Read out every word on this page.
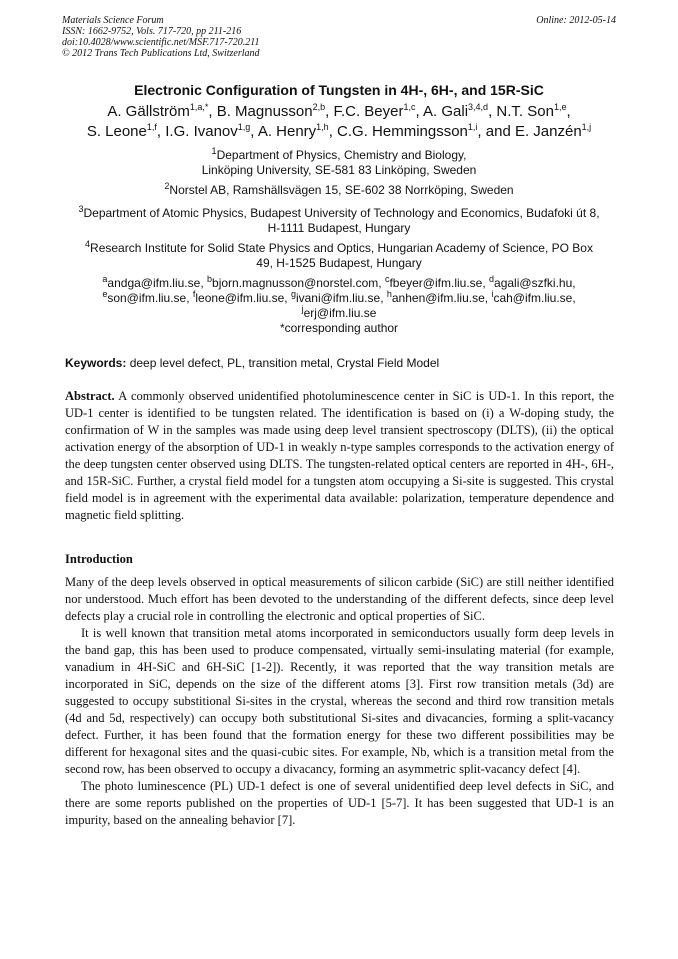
Materials Science Forum
ISSN: 1662-9752, Vols. 717-720, pp 211-216
doi:10.4028/www.scientific.net/MSF.717-720.211
© 2012 Trans Tech Publications Ltd, Switzerland
Online: 2012-05-14
Electronic Configuration of Tungsten in 4H-, 6H-, and 15R-SiC
A. Gällström$^{1,a,*}$, B. Magnusson$^{2,b}$, F.C. Beyer$^{1,c}$, A. Gali$^{3,4,d}$, N.T. Son$^{1,e}$,
S. Leone$^{1,f}$, I.G. Ivanov$^{1,g}$, A. Henry$^{1,h}$, C.G. Hemmingsson$^{1,i}$, and E. Janzén$^{1,j}$
$^1$Department of Physics, Chemistry and Biology,
Linköping University, SE-581 83 Linköping, Sweden
$^2$Norstel AB, Ramshällsvägen 15, SE-602 38 Norrköping, Sweden
$^3$Department of Atomic Physics, Budapest University of Technology and Economics, Budafoki út 8,
H-1111 Budapest, Hungary
$^4$Research Institute for Solid State Physics and Optics, Hungarian Academy of Science, PO Box
49, H-1525 Budapest, Hungary
$^a$andga@ifm.liu.se, $^b$bjorn.magnusson@norstel.com, $^c$fbeyer@ifm.liu.se, $^d$agali@szfki.hu,
$^e$son@ifm.liu.se, $^f$leone@ifm.liu.se, $^g$ivani@ifm.liu.se, $^h$anhen@ifm.liu.se, $^i$cah@ifm.liu.se,
$^j$erj@ifm.liu.se
*corresponding author
Keywords: deep level defect, PL, transition metal, Crystal Field Model

Abstract. A commonly observed unidentified photoluminescence center in SiC is UD-1. In this report, the UD-1 center is identified to be tungsten related. The identification is based on (i) a W-doping study, the confirmation of W in the samples was made using deep level transient spectroscopy (DLTS), (ii) the optical activation energy of the absorption of UD-1 in weakly n-type samples corresponds to the activation energy of the deep tungsten center observed using DLTS. The tungsten-related optical centers are reported in 4H-, 6H-, and 15R-SiC. Further, a crystal field model for a tungsten atom occupying a Si-site is suggested. This crystal field model is in agreement with the experimental data available: polarization, temperature dependence and magnetic field splitting.

Introduction

Many of the deep levels observed in optical measurements of silicon carbide (SiC) are still neither identified nor understood. Much effort has been devoted to the understanding of the different defects, since deep level defects play a crucial role in controlling the electronic and optical properties of SiC.

It is well known that transition metal atoms incorporated in semiconductors usually form deep levels in the band gap, this has been used to produce compensated, virtually semi-insulating material (for example, vanadium in 4H-SiC and 6H-SiC [1-2]). Recently, it was reported that the way transition metals are incorporated in SiC, depends on the size of the different atoms [3]. First row transition metals (3d) are suggested to occupy substitional Si-sites in the crystal, whereas the second and third row transition metals (4d and 5d, respectively) can occupy both substitutional Si-sites and divacancies, forming a split-vacancy defect. Further, it has been found that the formation energy for these two different possibilities may be different for hexagonal sites and the quasi-cubic sites. For example, Nb, which is a transition metal from the second row, has been observed to occupy a divacancy, forming an asymmetric split-vacancy defect [4].

The photo luminescence (PL) UD-1 defect is one of several unidentified deep level defects in SiC, and there are some reports published on the properties of UD-1 [5-7]. It has been suggested that UD-1 is an impurity, based on the annealing behavior [7].
